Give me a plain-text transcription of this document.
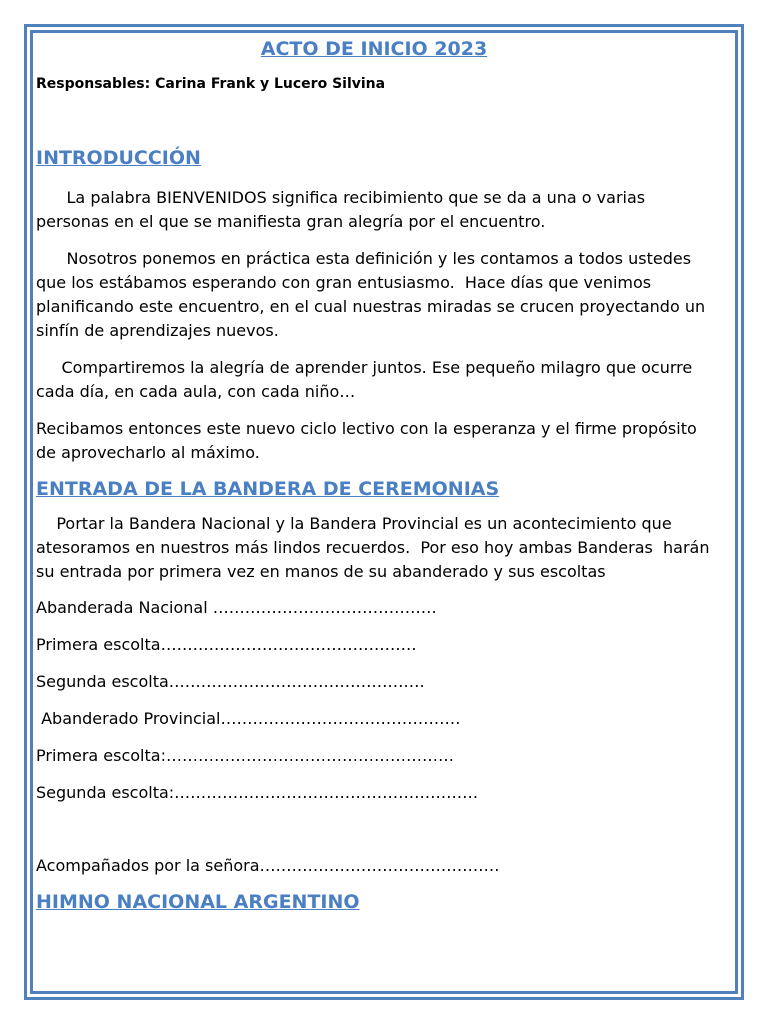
ACTO DE INICIO 2023

Responsables: Carina Frank y Lucero Silvina

INTRODUCCIÓN

La palabra BIENVENIDOS significa recibimiento que se da a una o varias personas en el que se manifiesta gran alegría por el encuentro.

Nosotros ponemos en práctica esta definición y les contamos a todos ustedes que los estábamos esperando con gran entusiasmo.  Hace días que venimos planificando este encuentro, en el cual nuestras miradas se crucen proyectando un sinfín de aprendizajes nuevos.

Compartiremos la alegría de aprender juntos. Ese pequeño milagro que ocurre cada día, en cada aula, con cada niño…

Recibamos entonces este nuevo ciclo lectivo con la esperanza y el firme propósito de aprovecharlo al máximo.

ENTRADA DE LA BANDERA DE CEREMONIAS

Portar la Bandera Nacional y la Bandera Provincial es un acontecimiento que atesoramos en nuestros más lindos recuerdos.  Por eso hoy ambas Banderas  harán su entrada por primera vez en manos de su abanderado y sus escoltas

Abanderada Nacional ……………………………………

Primera escolta…………………………………………

Segunda escolta…………………………………………

Abanderado Provincial………………………………………

Primera escolta:………………………………………………

Segunda escolta:…………………………………………………

Acompañados por la señora………………………………………

HIMNO NACIONAL ARGENTINO
